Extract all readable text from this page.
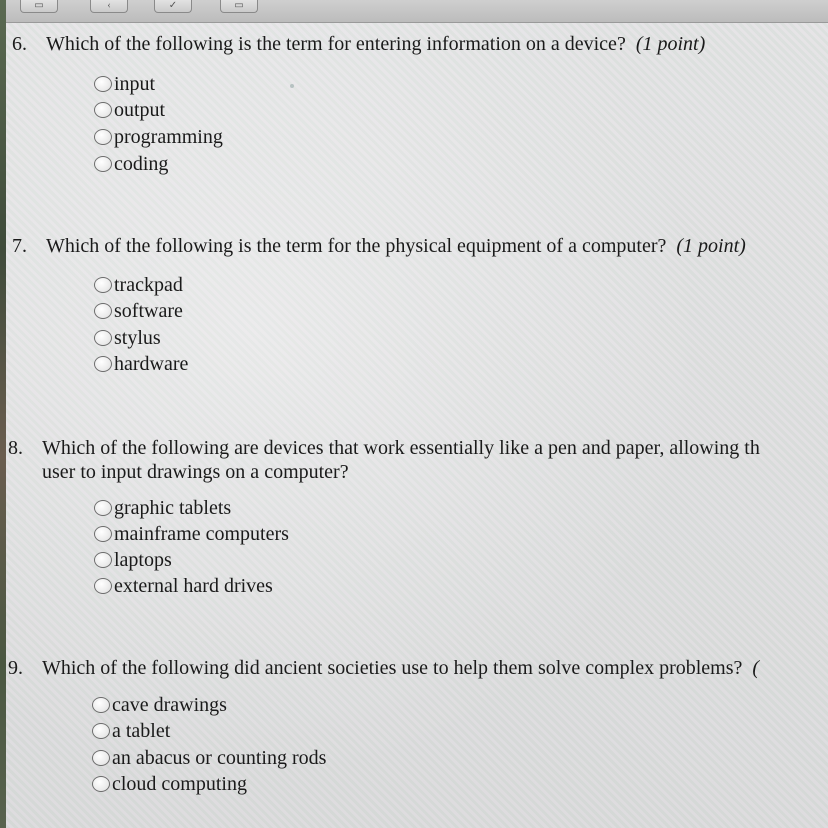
▭	‹	✓	▭
6. Which of the following is the term for entering information on a device? (1 point)
input
output
programming
coding
7. Which of the following is the term for the physical equipment of a computer? (1 point)
trackpad
software
stylus
hardware
8. Which of the following are devices that work essentially like a pen and paper, allowing th
user to input drawings on a computer?
graphic tablets
mainframe computers
laptops
external hard drives
9. Which of the following did ancient societies use to help them solve complex problems? (
cave drawings
a tablet
an abacus or counting rods
cloud computing
